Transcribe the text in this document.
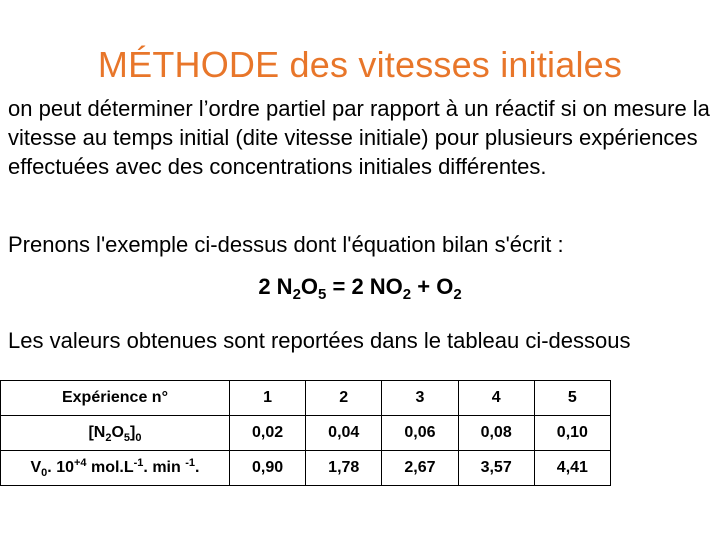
MÉTHODE des vitesses initiales

on peut déterminer l’ordre partiel par rapport à un réactif si on mesure la vitesse au temps initial (dite vitesse initiale) pour plusieurs expériences effectuées avec des concentrations initiales différentes.

Prenons l'exemple ci-dessus dont l'équation bilan s'écrit :

2 $N_2O_5 = 2$ $NO_2 + O_2$

Les valeurs obtenues sont reportées dans le tableau ci-dessous

Expérience n°	1	2	3	4	5
$[N_2O_5]_0$	0,02	0,04	0,06	0,08	0,10
$V_0$. $10^{+4}$ $mol.L^{-1}$. min $^{-1}$.	0,90	1,78	2,67	3,57	4,41
